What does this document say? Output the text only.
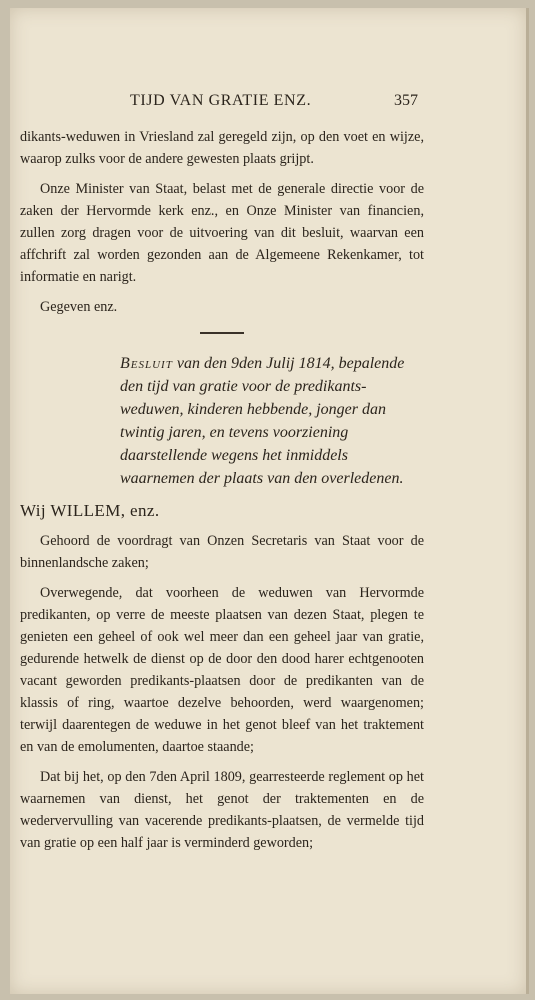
TIJD VAN GRATIE ENZ.	357

dikants-weduwen in Vriesland zal geregeld zijn, op den voet en wijze, waarop zulks voor de andere gewesten plaats grijpt.

Onze Minister van Staat, belast met de generale directie voor de zaken der Hervormde kerk enz., en Onze Minister van financien, zullen zorg dragen voor de uitvoering van dit besluit, waarvan een affchrift zal worden gezonden aan de Algemeene Rekenkamer, tot informatie en narigt.

Gegeven enz.

Besluit van den 9den Julij 1814, bepalende den tijd van gratie voor de predikants-weduwen, kinderen hebbende, jonger dan twintig jaren, en tevens voorziening daarstellende wegens het inmiddels waarnemen der plaats van den overledenen.
Wij WILLEM, enz.

Gehoord de voordragt van Onzen Secretaris van Staat voor de binnenlandsche zaken;

Overwegende, dat voorheen de weduwen van Hervormde predikanten, op verre de meeste plaatsen van dezen Staat, plegen te genieten een geheel of ook wel meer dan een geheel jaar van gratie, gedurende hetwelk de dienst op de door den dood harer echtgenooten vacant geworden predikants-plaatsen door de predikanten van de klassis of ring, waartoe dezelve behoorden, werd waargenomen; terwijl daarentegen de weduwe in het genot bleef van het traktement en van de emolumenten, daartoe staande;

Dat bij het, op den 7den April 1809, gearresteerde reglement op het waarnemen van dienst, het genot der traktementen en de wedervervulling van vacerende predikants-plaatsen, de vermelde tijd van gratie op een half jaar is verminderd geworden;
